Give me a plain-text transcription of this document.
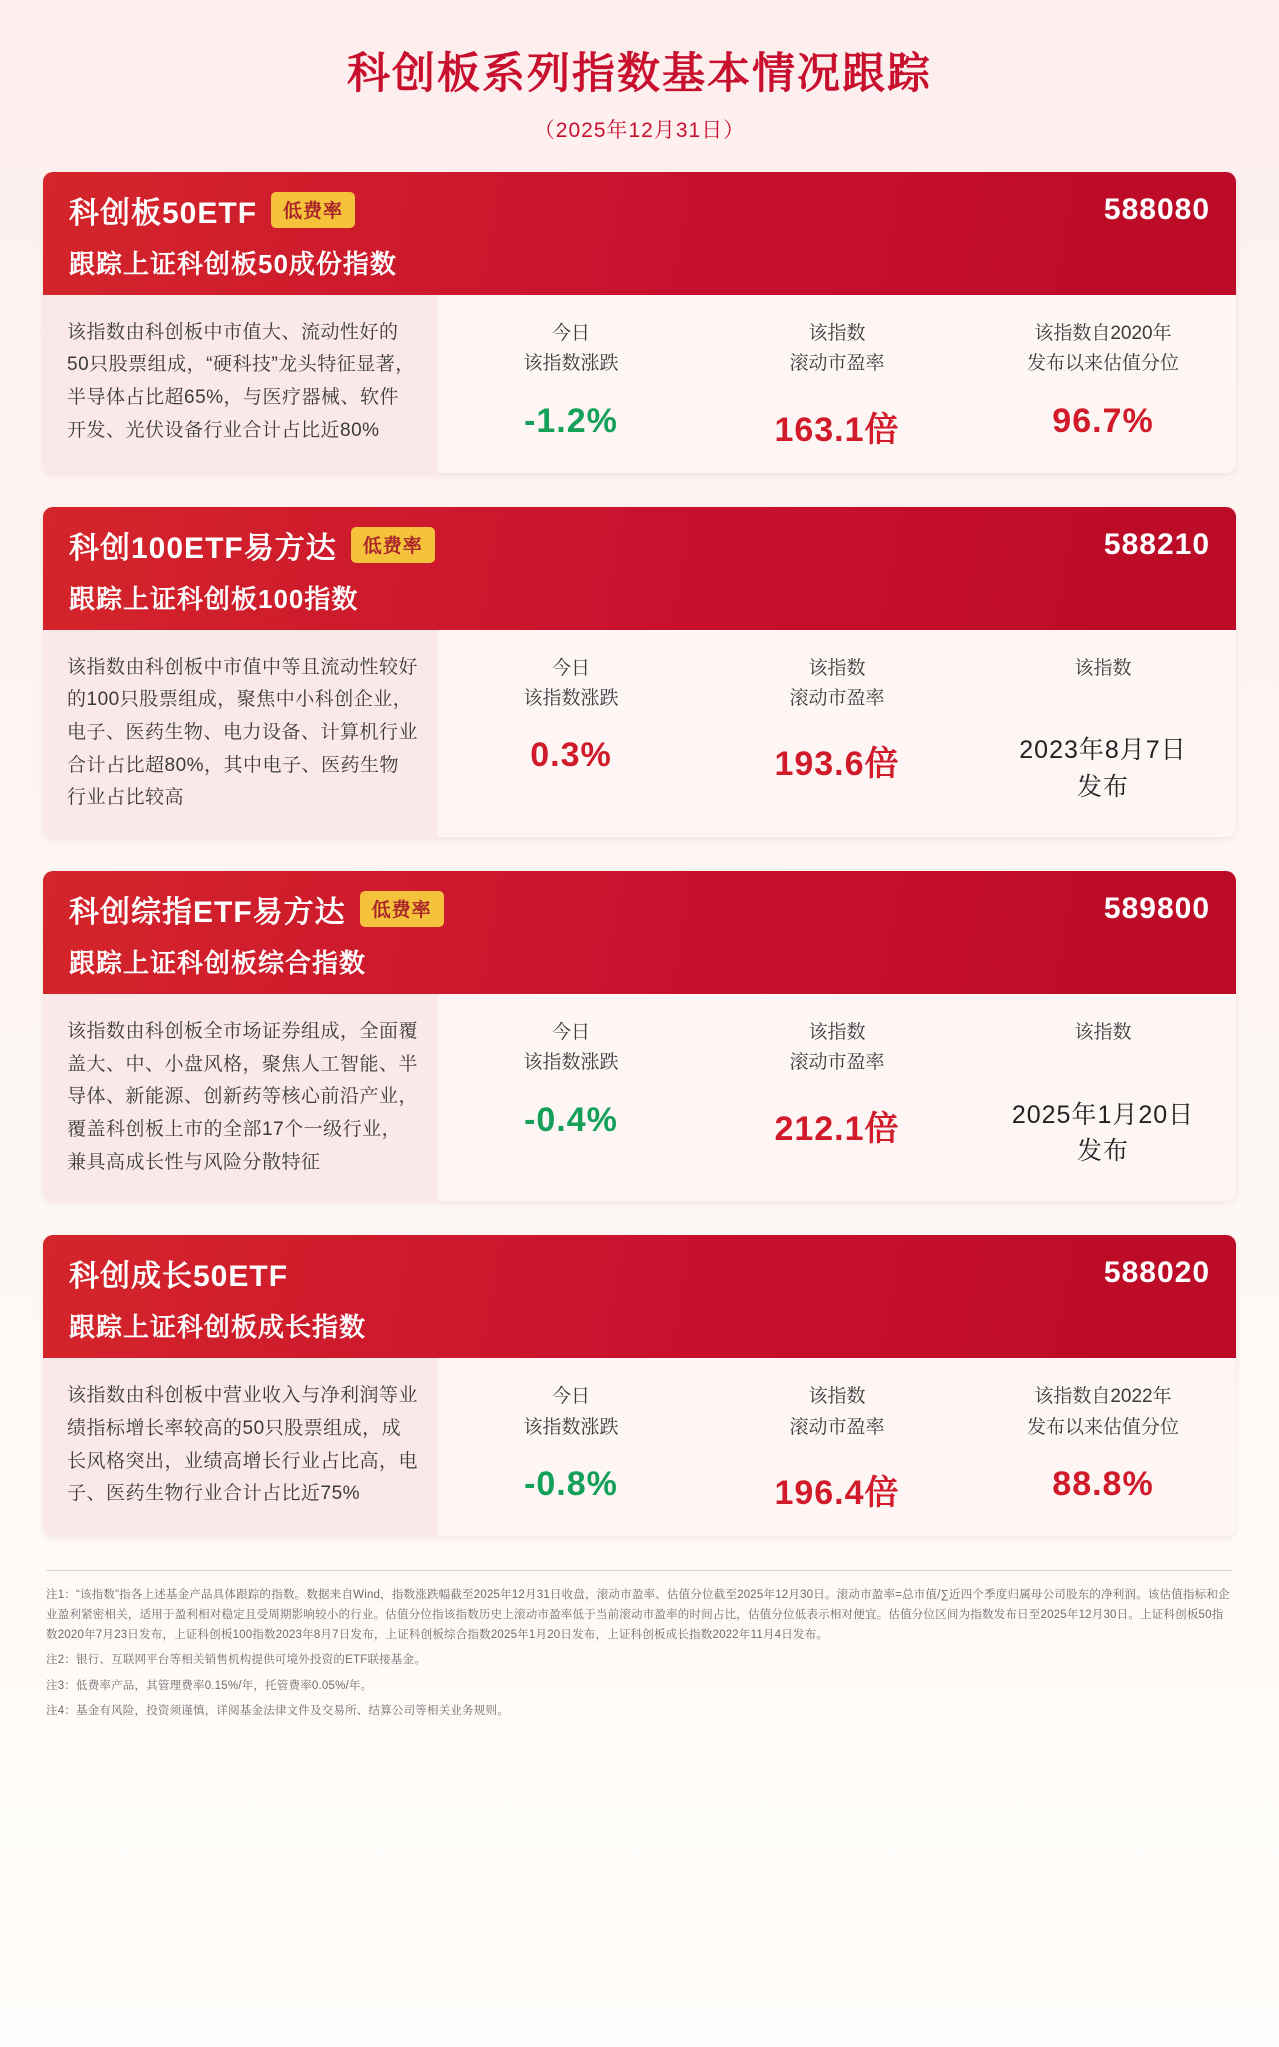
科创板系列指数基本情况跟踪
（2025年12月31日）
科创板50ETF	低费率	588080
跟踪上证科创板50成份指数
该指数由科创板中市值大、流动性好的50只股票组成，“硬科技”龙头特征显著，半导体占比超65%，与医疗器械、软件开发、光伏设备行业合计占比近80%
今日
该指数涨跌
-1.2%
该指数
滚动市盈率
163.1倍
该指数自2020年
发布以来估值分位
96.7%
科创100ETF易方达	低费率	588210
跟踪上证科创板100指数
该指数由科创板中市值中等且流动性较好的100只股票组成，聚焦中小科创企业，电子、医药生物、电力设备、计算机行业合计占比超80%，其中电子、医药生物行业占比较高
今日
该指数涨跌
0.3%
该指数
滚动市盈率
193.6倍
该指数

2023年8月7日
发布
科创综指ETF易方达	低费率	589800
跟踪上证科创板综合指数
该指数由科创板全市场证券组成，全面覆盖大、中、小盘风格，聚焦人工智能、半导体、新能源、创新药等核心前沿产业，覆盖科创板上市的全部17个一级行业，兼具高成长性与风险分散特征
今日
该指数涨跌
-0.4%
该指数
滚动市盈率
212.1倍
该指数

2025年1月20日
发布
科创成长50ETF	588020
跟踪上证科创板成长指数
该指数由科创板中营业收入与净利润等业绩指标增长率较高的50只股票组成，成长风格突出，业绩高增长行业占比高，电子、医药生物行业合计占比近75%
今日
该指数涨跌
-0.8%
该指数
滚动市盈率
196.4倍
该指数自2022年
发布以来估值分位
88.8%
注1：“该指数”指各上述基金产品具体跟踪的指数。数据来自Wind，指数涨跌幅截至2025年12月31日收盘，滚动市盈率、估值分位截至2025年12月30日。滚动市盈率=总市值/∑近四个季度归属母公司股东的净利润。该估值指标和企业盈利紧密相关，适用于盈利相对稳定且受周期影响较小的行业。估值分位指该指数历史上滚动市盈率低于当前滚动市盈率的时间占比，估值分位低表示相对便宜。估值分位区间为指数发布日至2025年12月30日。上证科创板50指数2020年7月23日发布，上证科创板100指数2023年8月7日发布，上证科创板综合指数2025年1月20日发布，上证科创板成长指数2022年11月4日发布。
注2：银行、互联网平台等相关销售机构提供可境外投资的ETF联接基金。
注3：低费率产品，其管理费率0.15%/年，托管费率0.05%/年。
注4：基金有风险，投资须谨慎，详阅基金法律文件及交易所、结算公司等相关业务规则。
